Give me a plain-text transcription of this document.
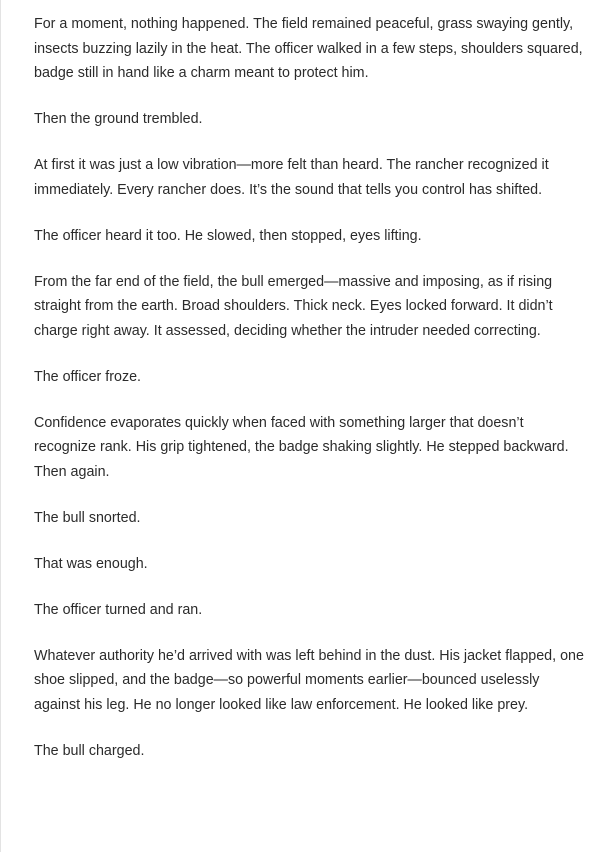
For a moment, nothing happened. The field remained peaceful, grass swaying gently, insects buzzing lazily in the heat. The officer walked in a few steps, shoulders squared, badge still in hand like a charm meant to protect him.

Then the ground trembled.

At first it was just a low vibration—more felt than heard. The rancher recognized it immediately. Every rancher does. It’s the sound that tells you control has shifted.

The officer heard it too. He slowed, then stopped, eyes lifting.

From the far end of the field, the bull emerged—massive and imposing, as if rising straight from the earth. Broad shoulders. Thick neck. Eyes locked forward. It didn’t charge right away. It assessed, deciding whether the intruder needed correcting.

The officer froze.

Confidence evaporates quickly when faced with something larger that doesn’t recognize rank. His grip tightened, the badge shaking slightly. He stepped backward. Then again.

The bull snorted.

That was enough.

The officer turned and ran.

Whatever authority he’d arrived with was left behind in the dust. His jacket flapped, one shoe slipped, and the badge—so powerful moments earlier—bounced uselessly against his leg. He no longer looked like law enforcement. He looked like prey.

The bull charged.
